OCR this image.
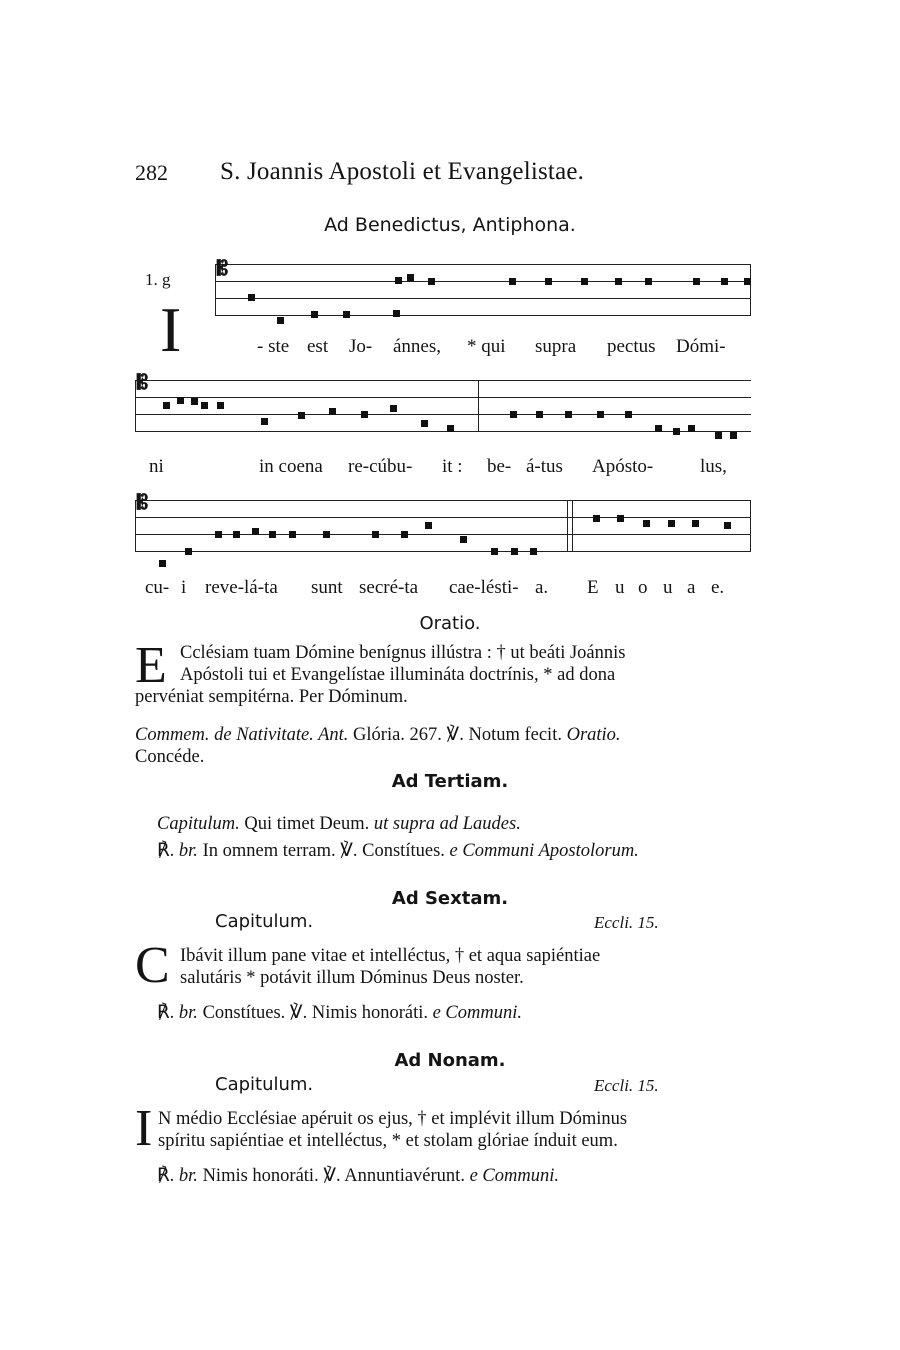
282 S. Joannis Apostoli et Evangelistae.
Ad Benedictus, Antiphona.
1. g
I
𝄡
- ste est Jo- ánnes, * qui supra pectus Dómi-
𝄡
ni	in coena re-cúbu- it : be- á-tus Apósto- lus,
𝄡
cu- i reve-lá-ta sunt secré-ta cae-lésti- a. E u o u a e.
Oratio.
E Cclésiam tuam Dómine benígnus illústra : † ut beáti Joánnis

Apóstoli tui et Evangelístae illumináta doctrínis, * ad dona

pervéniat sempitérna. Per Dóminum.

Commem. de Nativitate. Ant. Glória. 267. ℣. Notum fecit. Oratio.

Concéde.

Ad Tertiam.

Capitulum. Qui timet Deum. ut supra ad Laudes.

℟. br. In omnem terram. ℣. Constítues. e Communi Apostolorum.

Ad Sextam.
Capitulum.	Eccli. 15.
C Ibávit illum pane vitae et intelléctus, † et aqua sapiéntiae

salutáris * potávit illum Dóminus Deus noster.

℟. br. Constítues. ℣. Nimis honoráti. e Communi.

Ad Nonam.
Capitulum.	Eccli. 15.
I N médio Ecclésiae apéruit os ejus, † et implévit illum Dóminus

spíritu sapiéntiae et intelléctus, * et stolam glóriae índuit eum.

℟. br. Nimis honoráti. ℣. Annuntiavérunt. e Communi.
